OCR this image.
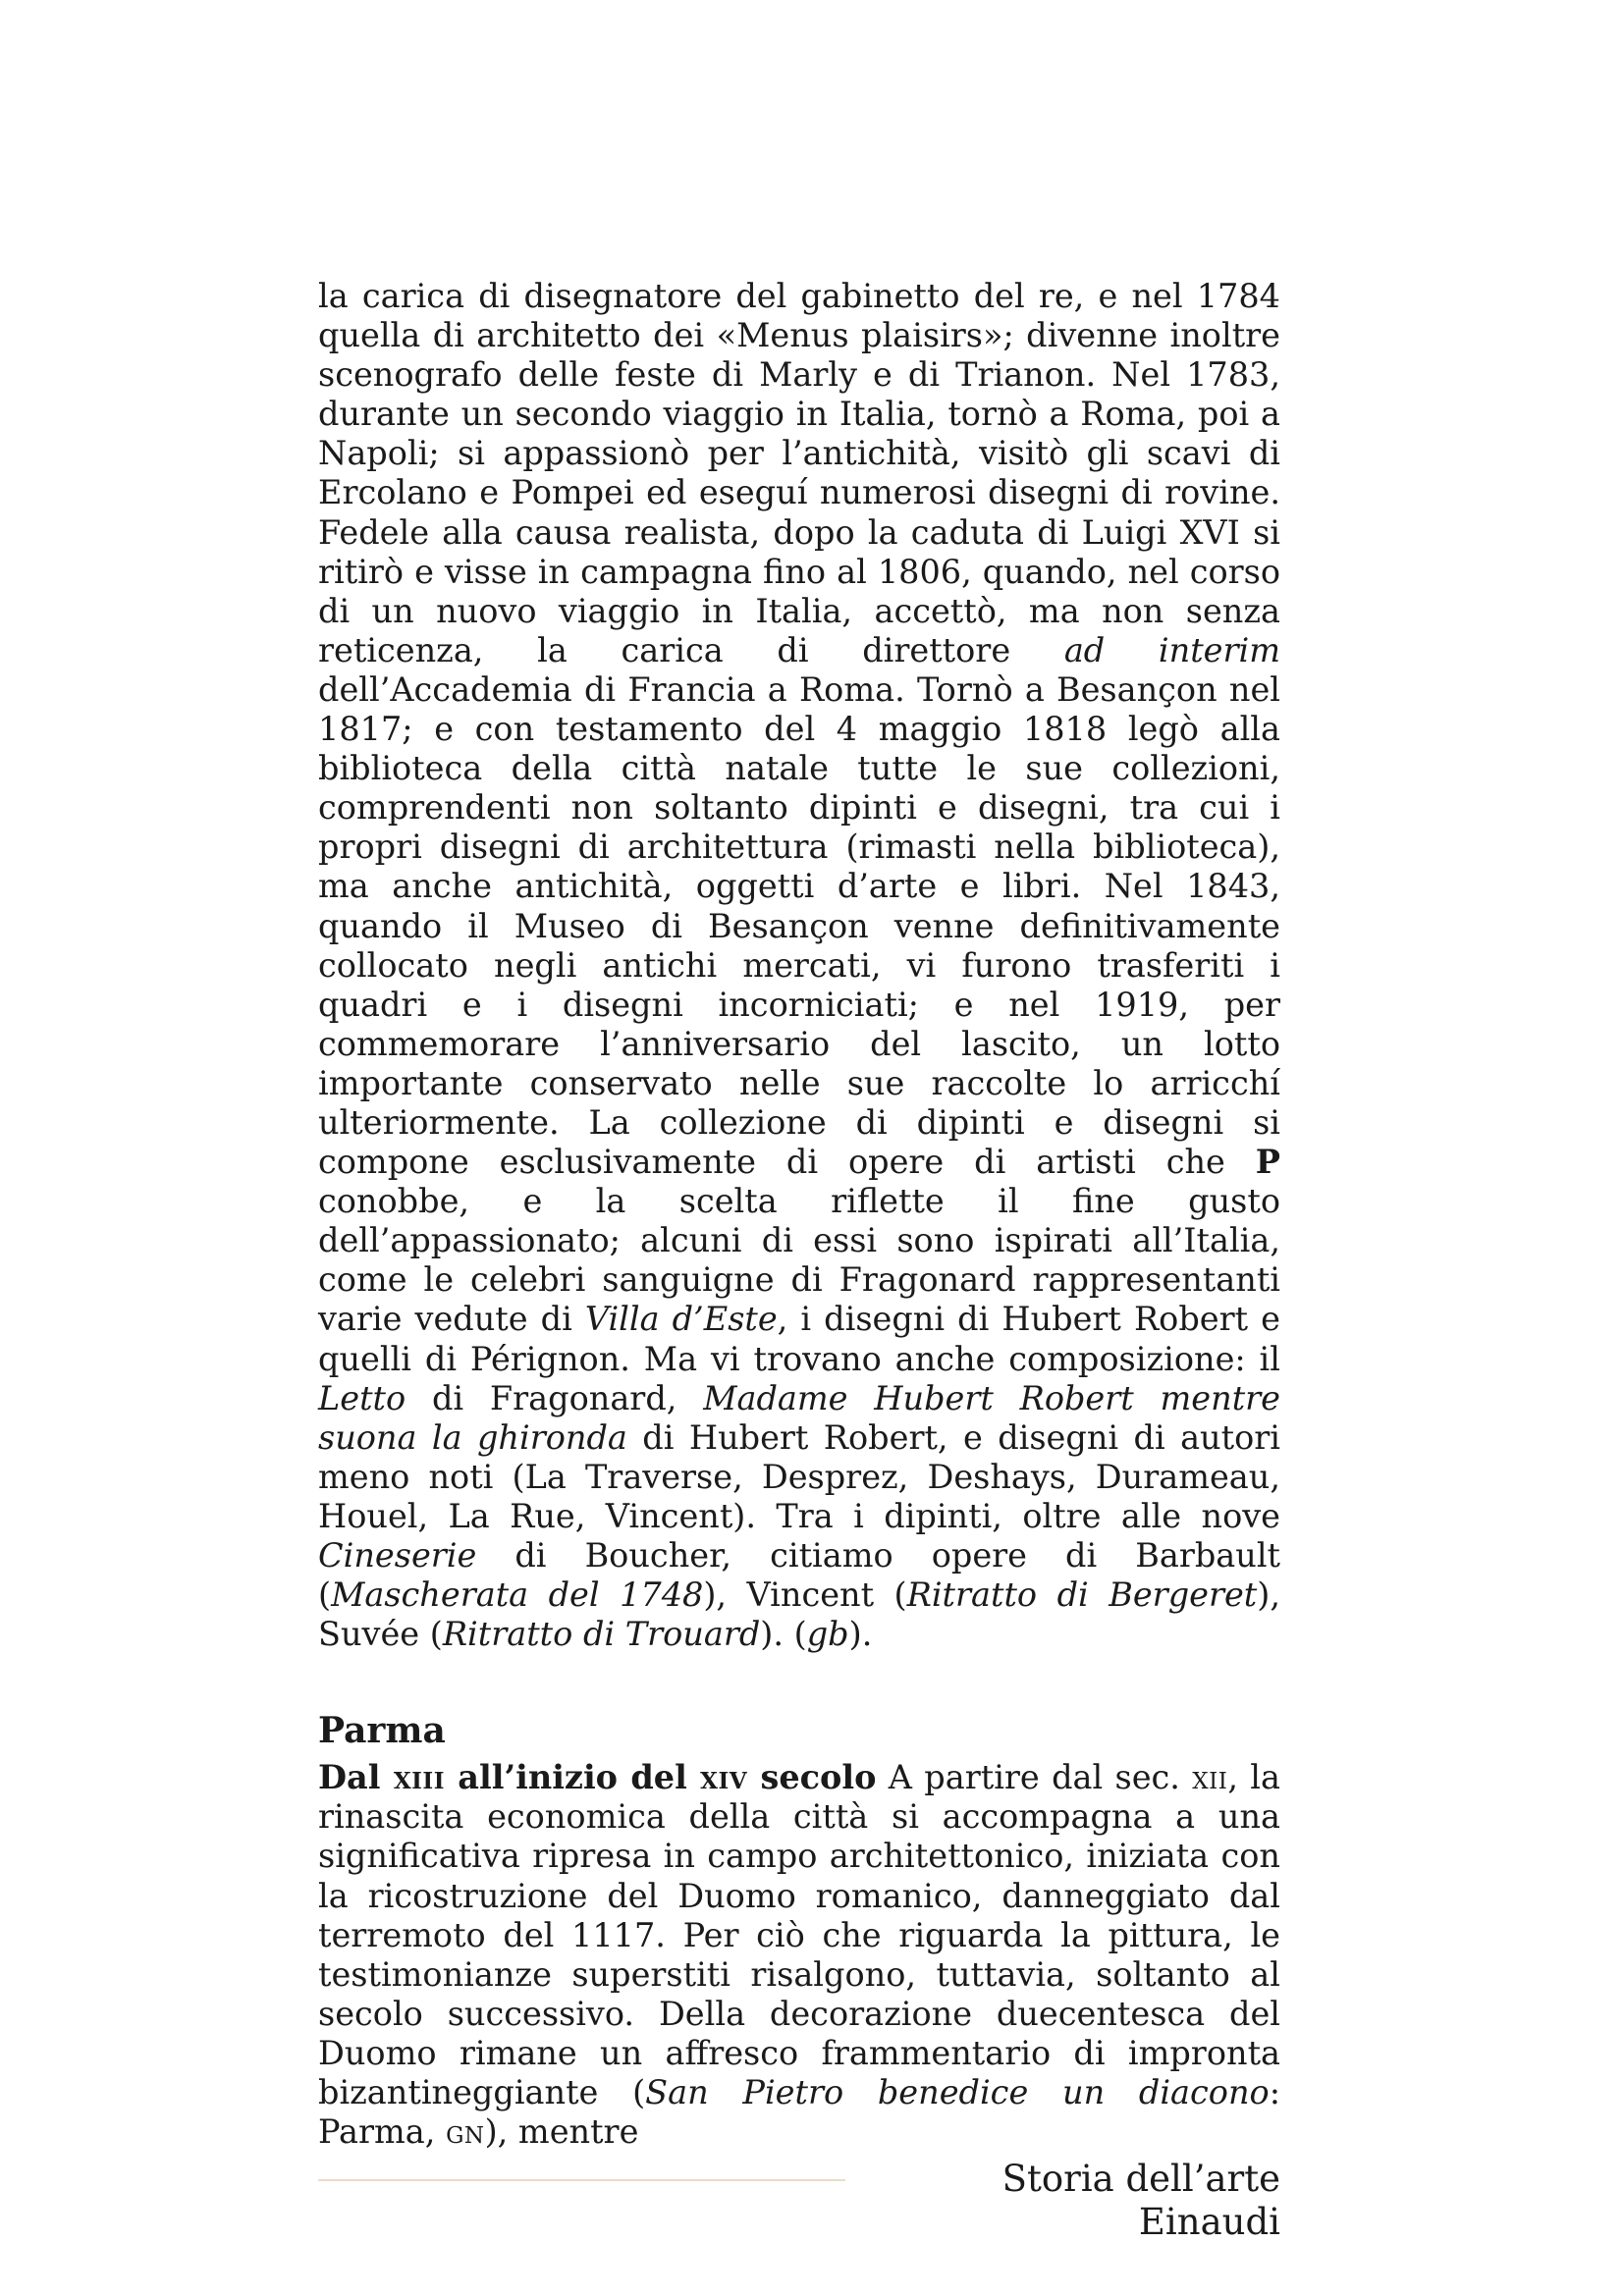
la carica di disegnatore del gabinetto del re, e nel 1784 quella di architetto dei «Menus plaisirs»; divenne inoltre scenografo delle feste di Marly e di Trianon. Nel 1783, durante un secondo viaggio in Italia, tornò a Roma, poi a Napoli; si appassionò per l’antichità, visitò gli scavi di Ercolano e Pompei ed eseguí numerosi disegni di rovine. Fedele alla causa realista, dopo la caduta di Luigi XVI si ritirò e visse in campagna fino al 1806, quando, nel corso di un nuovo viaggio in Italia, accettò, ma non senza reticenza, la carica di direttore ad interim dell’Accademia di Francia a Roma. Tornò a Besançon nel 1817; e con testamento del 4 maggio 1818 legò alla biblioteca della città natale tutte le sue collezioni, comprendenti non soltanto dipinti e disegni, tra cui i propri disegni di architettura (rimasti nella biblioteca), ma anche antichità, oggetti d’arte e libri. Nel 1843, quando il Museo di Besançon venne definitivamente collocato negli antichi mercati, vi furono trasferiti i quadri e i disegni incorniciati; e nel 1919, per commemorare l’anniversario del lascito, un lotto importante conservato nelle sue raccolte lo arricchí ulteriormente. La collezione di dipinti e disegni si compone esclusivamente di opere di artisti che P conobbe, e la scelta riflette il fine gusto dell’appassionato; alcuni di essi sono ispirati all’Italia, come le celebri sanguigne di Fragonard rappresentanti varie vedute di Villa d’Este, i disegni di Hubert Robert e quelli di Pérignon. Ma vi trovano anche composizione: il Letto di Fragonard, Madame Hubert Robert mentre suona la ghironda di Hubert Robert, e disegni di autori meno noti (La Traverse, Desprez, Deshays, Durameau, Houel, La Rue, Vincent). Tra i dipinti, oltre alle nove Cineserie di Boucher, citiamo opere di Barbault (Mascherata del 1748), Vincent (Ritratto di Bergeret), Suvée (Ritratto di Trouard). (gb).

Parma

Dal xiii all’inizio del xiv secolo A partire dal sec. xii, la rinascita economica della città si accompagna a una significativa ripresa in campo architettonico, iniziata con la ricostruzione del Duomo romanico, danneggiato dal terremoto del 1117. Per ciò che riguarda la pittura, le testimonianze superstiti risalgono, tuttavia, soltanto al secolo successivo. Della decorazione duecentesca del Duomo rimane un affresco frammentario di impronta bizantineggiante (San Pietro benedice un diacono: Parma, gn), mentre

Storia dell’arte Einaudi
